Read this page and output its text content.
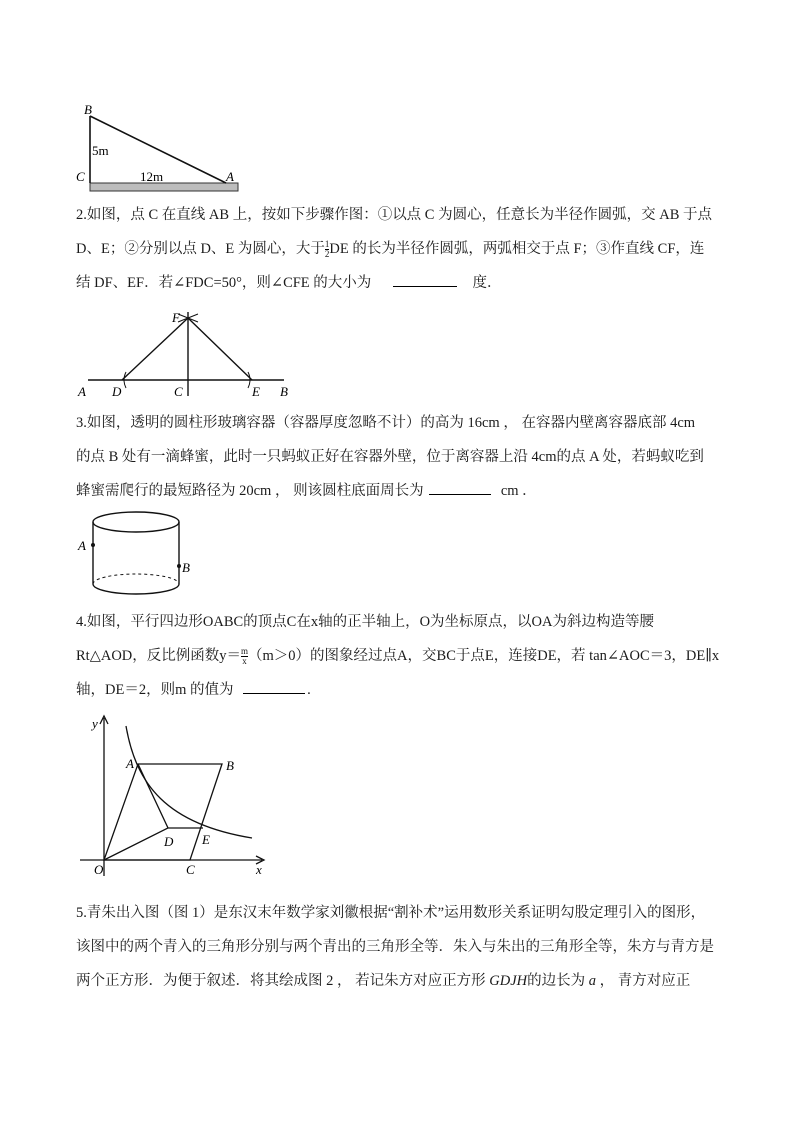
B
C	A
5m
12m
2.如图，点 C 在直线 AB 上，按如下步骤作图：①以点 C 为圆心，任意长为半径作圆弧，交 AB 于点
D、E；②分别以点 D、E 为圆心，大于 $\frac{1}{2}$ DE 的长为半径作圆弧，两弧相交于点 F；③作直线 CF，连
结 DF、EF．若∠FDC=50°，则∠CFE 的大小为	度．
F
A D	C	E B
3.如图，透明的圆柱形玻璃容器（容器厚度忽略不计）的高为 16cm ， 在容器内壁离容器底部 4cm
的点 B 处有一滴蜂蜜，此时一只蚂蚁正好在容器外壁，位于离容器上沿 4cm的点 A 处，若蚂蚁吃到
蜂蜜需爬行的最短路径为 20cm ， 则该圆柱底面周长为	cm ．
A
B
4.如图，平行四边形OABC的顶点C在x轴的正半轴上，O为坐标原点，以OA为斜边构造等腰
Rt△AOD，反比例函数$y= \frac{m}{x} (m>0)$的图象经过点A，交BC于点E，连接DE，若 tan∠AOC＝3，DE∥x
轴，DE＝2，则m 的值为	.
y
x
A	B
D E
O	C
5.青朱出入图（图 1）是东汉末年数学家刘徽根据“割补术”运用数形关系证明勾股定理引入的图形，
该图中的两个青入的三角形分别与两个青出的三角形全等．朱入与朱出的三角形全等，朱方与青方是
两个正方形．为便于叙述．将其绘成图 2 ， 若记朱方对应正方形 GDJH的边长为 a ， 青方对应正
